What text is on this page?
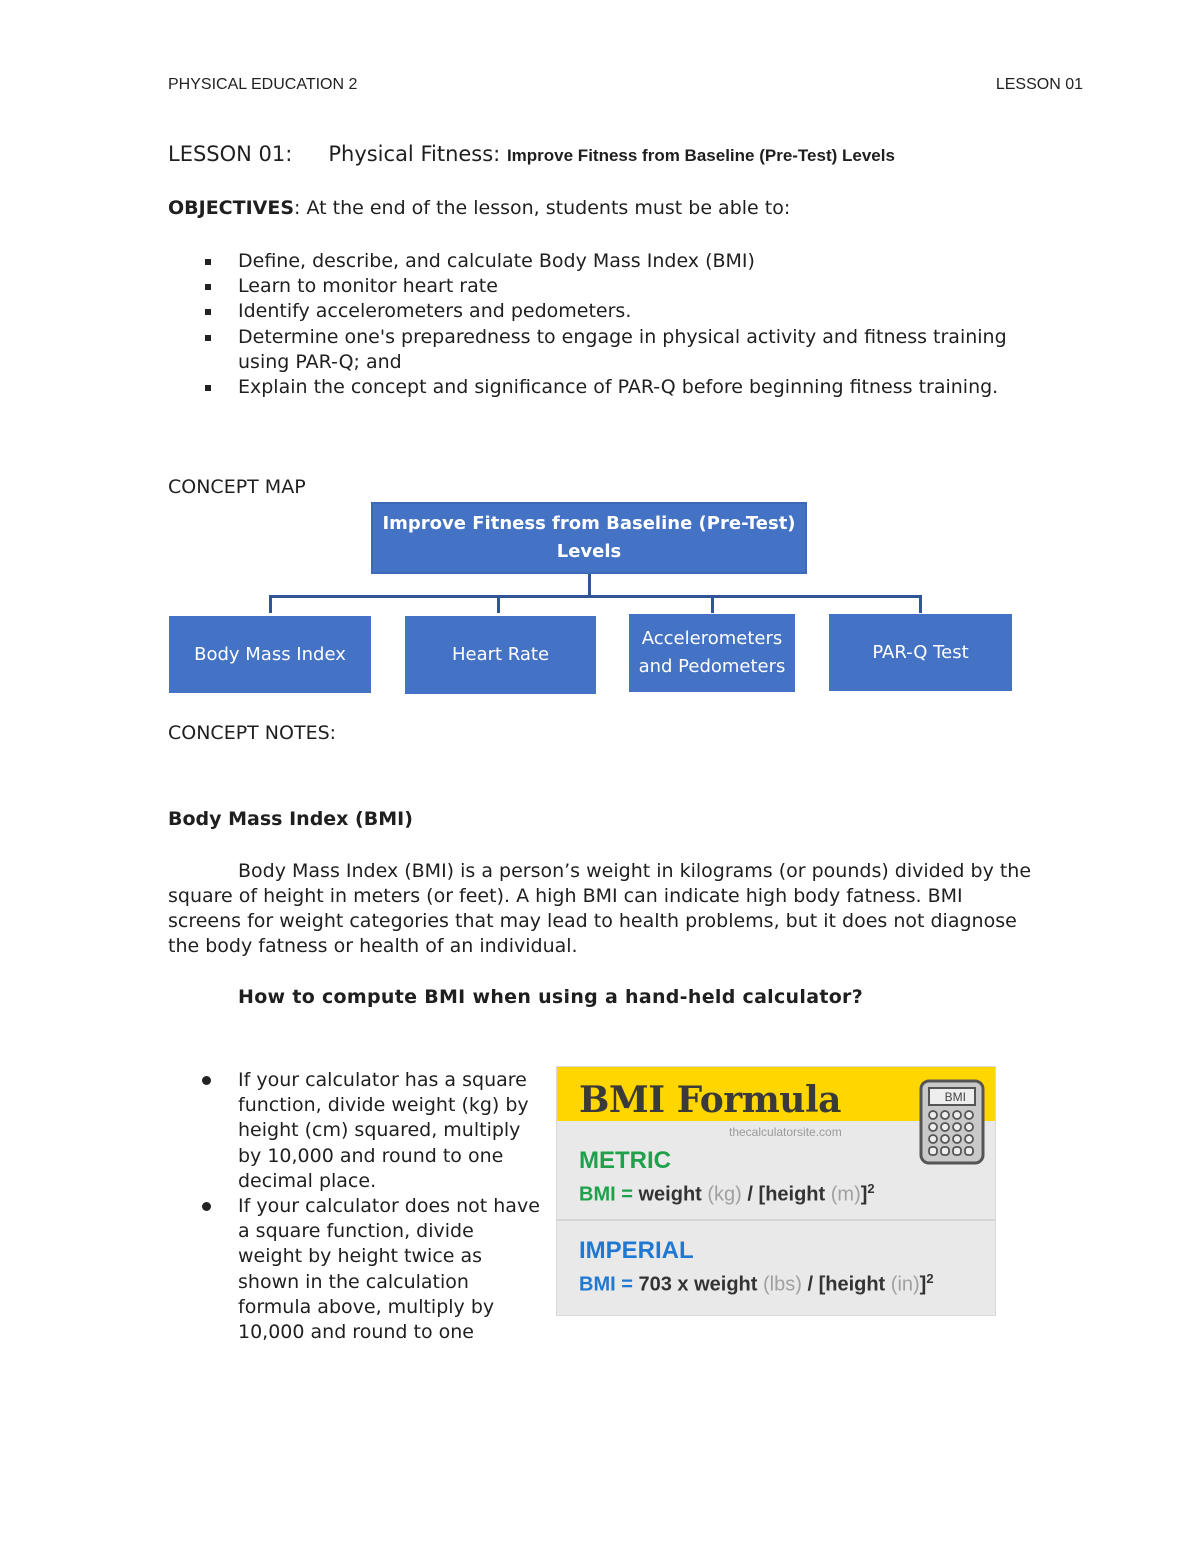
PHYSICAL EDUCATION 2	LESSON 01
LESSON 01: Physical Fitness: Improve Fitness from Baseline (Pre-Test) Levels
OBJECTIVES: At the end of the lesson, students must be able to:
Define, describe, and calculate Body Mass Index (BMI)
Learn to monitor heart rate
Identify accelerometers and pedometers.
Determine one's preparedness to engage in physical activity and fitness training using PAR-Q; and
Explain the concept and significance of PAR-Q before beginning fitness training.
CONCEPT MAP
Improve Fitness from Baseline (Pre-Test) Levels
Body Mass Index	Heart Rate
Accelerometers and Pedometers
PAR-Q Test
CONCEPT NOTES:
Body Mass Index (BMI)
Body Mass Index (BMI) is a person’s weight in kilograms (or pounds) divided by the square of height in meters (or feet). A high BMI can indicate high body fatness. BMI screens for weight categories that may lead to health problems, but it does not diagnose the body fatness or health of an individual.
How to compute BMI when using a hand-held calculator?
If your calculator has a square function, divide weight (kg) by height (cm) squared, multiply by 10,000 and round to one decimal place.
If your calculator does not have a square function, divide weight by height twice as shown in the calculation formula above, multiply by 10,000 and round to one
BMI Formula	BMI
thecalculatorsite.com
METRIC
BMI = weight (kg) / [height (m)]$^2$
IMPERIAL
BMI = 703 x weight (lbs) / [height (in)]$^2$
